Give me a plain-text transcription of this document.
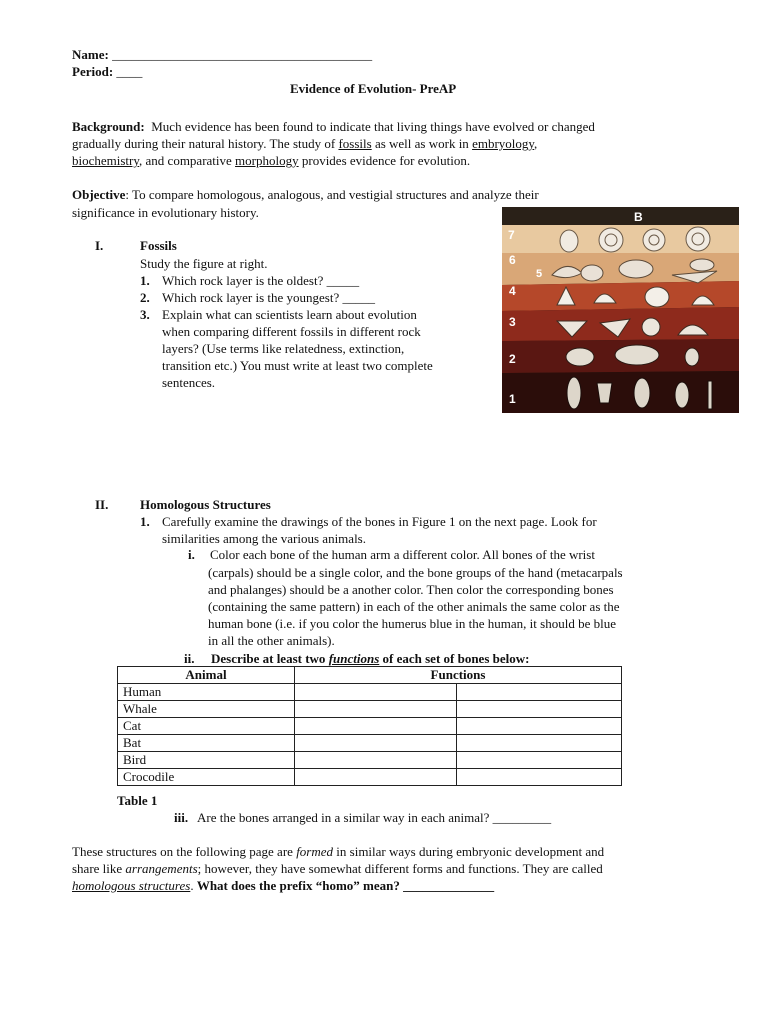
Name: ________________________________________
Period: ____
Evidence of Evolution- PreAP
Background: Much evidence has been found to indicate that living things have evolved or changed
gradually during their natural history. The study of fossils as well as work in embryology,
biochemistry, and comparative morphology provides evidence for evolution.
Objective: To compare homologous, analogous, and vestigial structures and analyze their
significance in evolutionary history.
I.	Fossils
Study the figure at right.
1. Which rock layer is the oldest? _____
2. Which rock layer is the youngest? _____
3. Explain what can scientists learn about evolution
when comparing different fossils in different rock
layers? (Use terms like relatedness, extinction,
transition etc.) You must write at least two complete
sentences.
B
7
6
5
4
3
2
1
II. Homologous Structures
1. Carefully examine the drawings of the bones in Figure 1 on the next page. Look for
similarities among the various animals.
i. Color each bone of the human arm a different color. All bones of the wrist
(carpals) should be a single color, and the bone groups of the hand (metacarpals
and phalanges) should be a another color. Then color the corresponding bones
(containing the same pattern) in each of the other animals the same color as the
human bone (i.e. if you color the humerus blue in the human, it should be blue
in all the other animals).
ii. Describe at least two functions of each set of bones below:
Animal	Functions	
Human		
Whale		
Cat		
Bat		
Bird		
Crocodile		
Table 1
iii. Are the bones arranged in a similar way in each animal? _________
These structures on the following page are formed in similar ways during embryonic development and
share like arrangements; however, they have somewhat different forms and functions. They are called
homologous structures. What does the prefix “homo” mean? ______________
